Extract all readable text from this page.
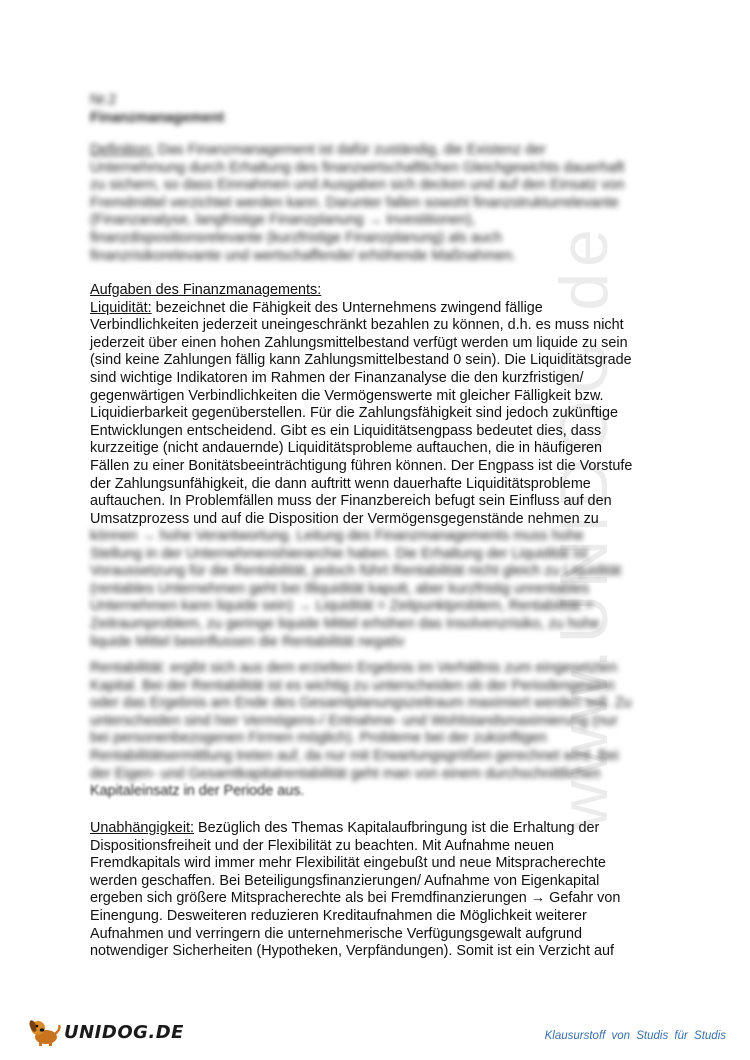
www.UNIDOG.de
Nr.2
Finanzmanagement
Definition: Das Finanzmanagement ist dafür zuständig, die Existenz der
Unternehmung durch Erhaltung des finanzwirtschaftlichen Gleichgewichts dauerhaft
zu sichern, so dass Einnahmen und Ausgaben sich decken und auf den Einsatz von
Fremdmittel verzichtet werden kann. Darunter fallen sowohl finanzstrukturrelevante
(Finanzanalyse, langfristige Finanzplanung → Investitionen),
finanzdispositionsrelevante (kurzfristige Finanzplanung) als auch
finanzrisikorelevante und wertschaffende/ erhöhende Maßnahmen.
Aufgaben des Finanzmanagements:
Liquidität: bezeichnet die Fähigkeit des Unternehmens zwingend fällige
Verbindlichkeiten jederzeit uneingeschränkt bezahlen zu können, d.h. es muss nicht
jederzeit über einen hohen Zahlungsmittelbestand verfügt werden um liquide zu sein
(sind keine Zahlungen fällig kann Zahlungsmittelbestand 0 sein). Die Liquiditätsgrade
sind wichtige Indikatoren im Rahmen der Finanzanalyse die den kurzfristigen/
gegenwärtigen Verbindlichkeiten die Vermögenswerte mit gleicher Fälligkeit bzw.
Liquidierbarkeit gegenüberstellen. Für die Zahlungsfähigkeit sind jedoch zukünftige
Entwicklungen entscheidend. Gibt es ein Liquiditätsengpass bedeutet dies, dass
kurzzeitige (nicht andauernde) Liquiditätsprobleme auftauchen, die in häufigeren
Fällen zu einer Bonitätsbeeinträchtigung führen können. Der Engpass ist die Vorstufe
der Zahlungsunfähigkeit, die dann auftritt wenn dauerhafte Liquiditätsprobleme
auftauchen. In Problemfällen muss der Finanzbereich befugt sein Einfluss auf den
Umsatzprozess und auf die Disposition der Vermögensgegenstände nehmen zu
können → hohe Verantwortung. Leitung des Finanzmanagements muss hohe
Stellung in der Unternehmenshierarchie haben. Die Erhaltung der Liquidität ist
Voraussetzung für die Rentabilität, jedoch führt Rentabilität nicht gleich zu Liquidität
(rentables Unternehmen geht bei Illiquidität kaputt, aber kurzfristig unrentables
Unternehmen kann liquide sein) → Liquidität = Zeitpunktproblem, Rentabilität =
Zeitraumproblem, zu geringe liquide Mittel erhöhen das Insolvenzrisiko, zu hohe
liquide Mittel beeinflussen die Rentabilität negativ
Rentabilität: ergibt sich aus dem erzielten Ergebnis im Verhältnis zum eingesetzten
Kapital. Bei der Rentabilität ist es wichtig zu unterscheiden ob der Periodengewinn
oder das Ergebnis am Ende des Gesamtplanungszeitraum maximiert werden soll. Zu
unterscheiden sind hier Vermögens-/ Entnahme- und Wohlstandsmaximierung (nur
bei personenbezogenen Firmen möglich). Probleme bei der zukünftigen
Rentabilitätsermittlung treten auf, da nur mit Erwartungsgrößen gerechnet wird. Bei
der Eigen- und Gesamtkapitalrentabilität geht man von einem durchschnittlichen
Kapitaleinsatz in der Periode aus.
Unabhängigkeit: Bezüglich des Themas Kapitalaufbringung ist die Erhaltung der
Dispositionsfreiheit und der Flexibilität zu beachten. Mit Aufnahme neuen
Fremdkapitals wird immer mehr Flexibilität eingebußt und neue Mitspracherechte
werden geschaffen. Bei Beteiligungsfinanzierungen/ Aufnahme von Eigenkapital
ergeben sich größere Mitspracherechte als bei Fremdfinanzierungen → Gefahr von
Einengung. Desweiteren reduzieren Kreditaufnahmen die Möglichkeit weiterer
Aufnahmen und verringern die unternehmerische Verfügungsgewalt aufgrund
notwendiger Sicherheiten (Hypotheken, Verpfändungen). Somit ist ein Verzicht auf
UNIDOG.DE	Klausurstoff von Studis für Studis
